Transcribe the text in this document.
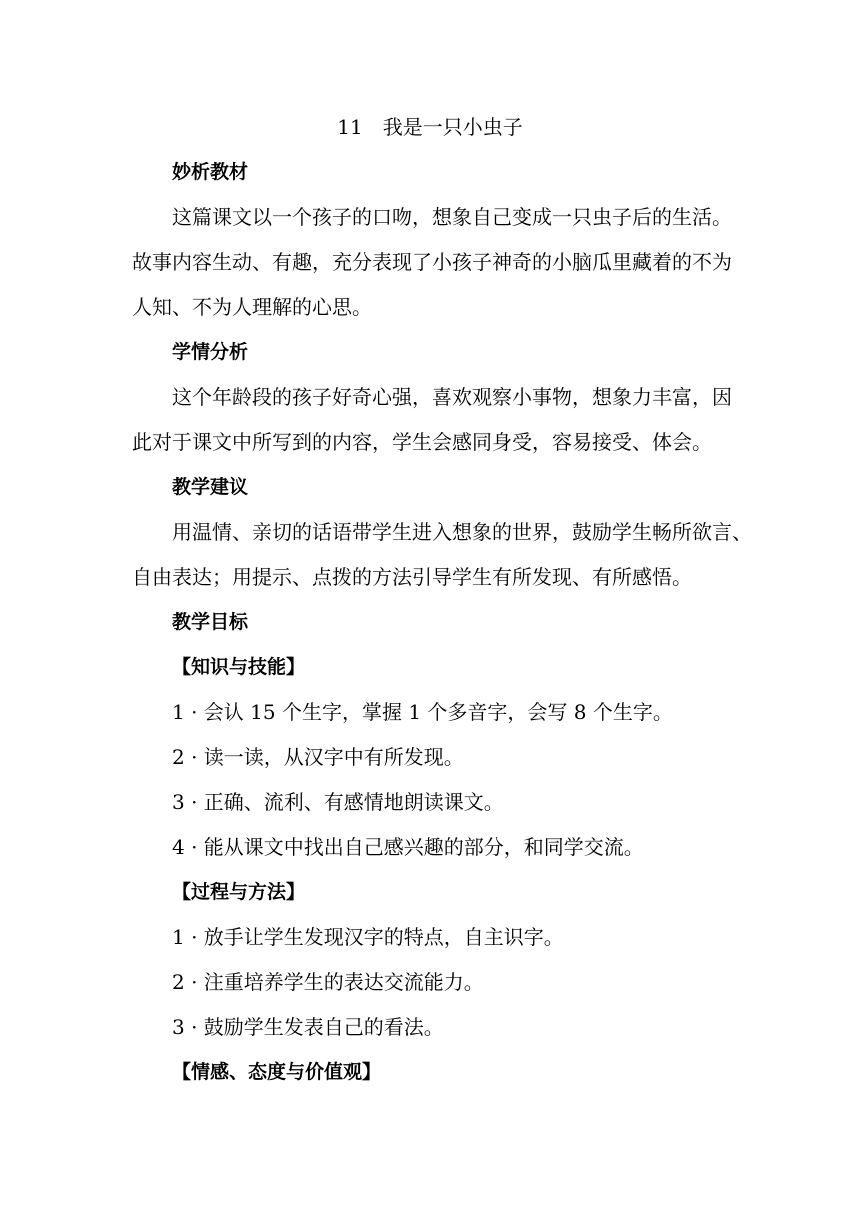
11　我是一只小虫子
妙析教材
这篇课文以一个孩子的口吻，想象自己变成一只虫子后的生活。
故事内容生动、有趣，充分表现了小孩子神奇的小脑瓜里藏着的不为
人知、不为人理解的心思。
学情分析
这个年龄段的孩子好奇心强，喜欢观察小事物，想象力丰富，因
此对于课文中所写到的内容，学生会感同身受，容易接受、体会。
教学建议
用温情、亲切的话语带学生进入想象的世界，鼓励学生畅所欲言、
自由表达；用提示、点拨的方法引导学生有所发现、有所感悟。
教学目标
【知识与技能】
1 · 会认 15 个生字，掌握 1 个多音字，会写 8 个生字。
2 · 读一读，从汉字中有所发现。
3 · 正确、流利、有感情地朗读课文。
4 · 能从课文中找出自己感兴趣的部分，和同学交流。
【过程与方法】
1 · 放手让学生发现汉字的特点，自主识字。
2 · 注重培养学生的表达交流能力。
3 · 鼓励学生发表自己的看法。
【情感、态度与价值观】
